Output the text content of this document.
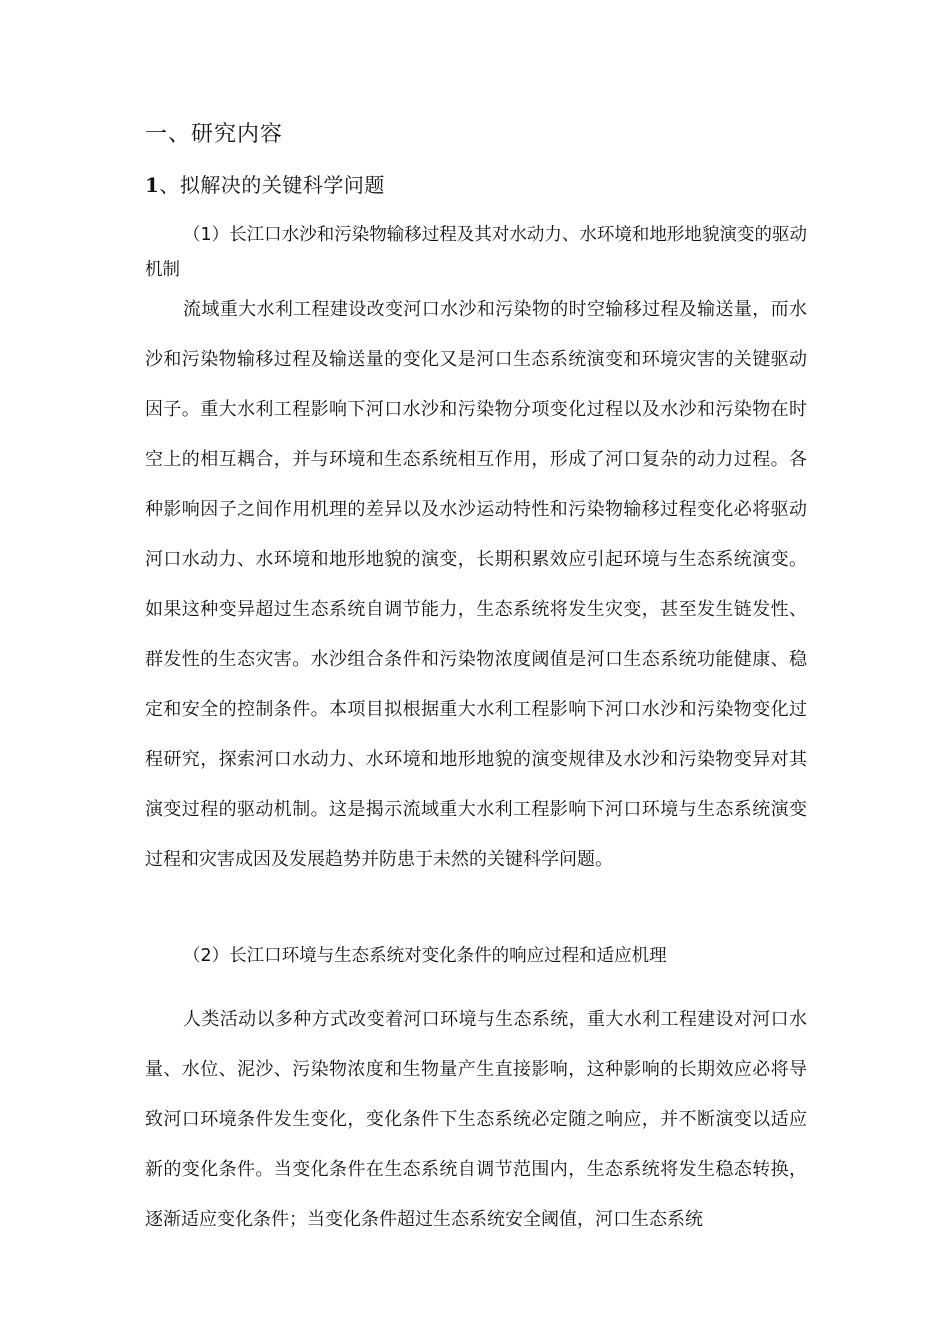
一、研究内容
1、拟解决的关键科学问题
（1）长江口水沙和污染物输移过程及其对水动力、水环境和地形地貌演变的驱动机制
流域重大水利工程建设改变河口水沙和污染物的时空输移过程及输送量，而水沙和污染物输移过程及输送量的变化又是河口生态系统演变和环境灾害的关键驱动因子。重大水利工程影响下河口水沙和污染物分项变化过程以及水沙和污染物在时空上的相互耦合，并与环境和生态系统相互作用，形成了河口复杂的动力过程。各种影响因子之间作用机理的差异以及水沙运动特性和污染物输移过程变化必将驱动河口水动力、水环境和地形地貌的演变，长期积累效应引起环境与生态系统演变。如果这种变异超过生态系统自调节能力，生态系统将发生灾变，甚至发生链发性、群发性的生态灾害。水沙组合条件和污染物浓度阈值是河口生态系统功能健康、稳定和安全的控制条件。本项目拟根据重大水利工程影响下河口水沙和污染物变化过程研究，探索河口水动力、水环境和地形地貌的演变规律及水沙和污染物变异对其演变过程的驱动机制。这是揭示流域重大水利工程影响下河口环境与生态系统演变过程和灾害成因及发展趋势并防患于未然的关键科学问题。
（2）长江口环境与生态系统对变化条件的响应过程和适应机理
人类活动以多种方式改变着河口环境与生态系统，重大水利工程建设对河口水量、水位、泥沙、污染物浓度和生物量产生直接影响，这种影响的长期效应必将导致河口环境条件发生变化，变化条件下生态系统必定随之响应，并不断演变以适应新的变化条件。当变化条件在生态系统自调节范围内，生态系统将发生稳态转换，逐渐适应变化条件；当变化条件超过生态系统安全阈值，河口生态系统
